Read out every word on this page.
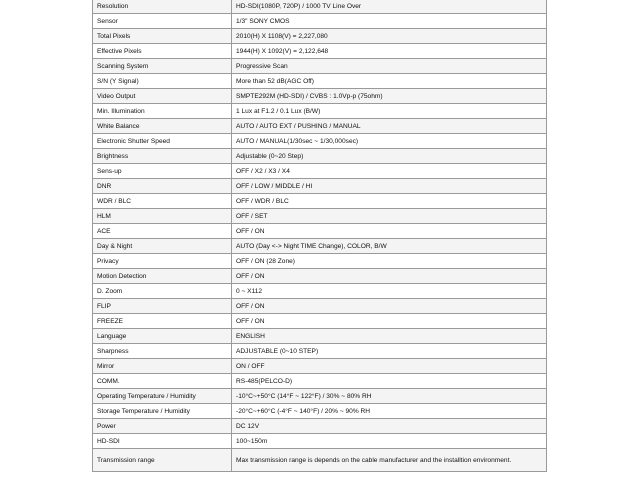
Resolution	HD-SDI(1080P, 720P) / 1000 TV Line Over
Sensor	1/3" SONY CMOS
Total Pixels	2010(H) X 1108(V) = 2,227,080
Effective Pixels	1944(H) X 1092(V) = 2,122,648
Scanning System	Progressive Scan
S/N (Y Signal)	More than 52 dB(AGC Off)
Video Output	SMPTE292M (HD-SDI) / CVBS : 1.0Vp-p (75ohm)
Min. Illumination	1 Lux at F1.2 / 0.1 Lux (B/W)
White Balance	AUTO / AUTO EXT / PUSHING / MANUAL
Electronic Shutter Speed	AUTO / MANUAL(1/30sec ~ 1/30,000sec)
Brightness	Adjustable (0~20 Step)
Sens-up	OFF / X2 / X3 / X4
DNR	OFF / LOW / MIDDLE / HI
WDR / BLC	OFF / WDR / BLC
HLM	OFF / SET
ACE	OFF / ON
Day & Night	AUTO (Day <-> Night TIME Change), COLOR, B/W
Privacy	OFF / ON (28 Zone)
Motion Detection	OFF / ON
D. Zoom	0 ~ X112
FLIP	OFF / ON
FREEZE	OFF / ON
Language	ENGLISH
Sharpness	ADJUSTABLE (0~10 STEP)
Mirror	ON / OFF
COMM.	RS-485(PELCO-D)
Operating Temperature / Humidity	-10°C~+50°C (14°F ~ 122°F) / 30% ~ 80% RH
Storage Temperature / Humidity	-20°C~+60°C (-4°F ~ 140°F) / 20% ~ 90% RH
Power	DC 12V
HD-SDI	100~150m
Transmission range	Max transmission range is depends on the cable manufacturer and the installtion environment.
